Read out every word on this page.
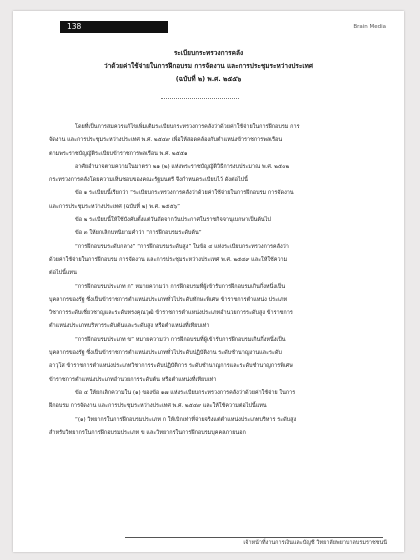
138	Brain Media
ระเบียบกระทรวงการคลัง
ว่าด้วยค่าใช้จ่ายในการฝึกอบรม การจัดงาน และการประชุมระหว่างประเทศ
(ฉบับที่ ๒) พ.ศ. ๒๕๕๖
โดยที่เป็นการสมควรแก้ไขเพิ่มเติมระเบียบกระทรวงการคลังว่าด้วยค่าใช้จ่ายในการฝึกอบรม การ
จัดงาน และการประชุมระหว่างประเทศ พ.ศ. ๒๕๔๙ เพื่อให้สอดคล้องกับตำแหน่งข้าราชการพลเรือน
ตามพระราชบัญญัติระเบียบข้าราชการพลเรือน พ.ศ. ๒๕๕๑
อาศัยอำนาจตามความในมาตรา ๒๑ (๒) แห่งพระราชบัญญัติวิธีการงบประมาณ พ.ศ. ๒๕๐๒
กระทรวงการคลังโดยความเห็นชอบของคณะรัฐมนตรี จึงกำหนดระเบียบไว้ ดังต่อไปนี้
ข้อ ๑ ระเบียบนี้เรียกว่า “ระเบียบกระทรวงการคลังว่าด้วยค่าใช้จ่ายในการฝึกอบรม การจัดงาน
และการประชุมระหว่างประเทศ (ฉบับที่ ๒) พ.ศ. ๒๕๕๖”
ข้อ ๒ ระเบียบนี้ให้ใช้บังคับตั้งแต่วันถัดจากวันประกาศในราชกิจจานุเบกษาเป็นต้นไป
ข้อ ๓ ให้ยกเลิกบทนิยามคำว่า “การฝึกอบรมระดับต้น”
“การฝึกอบรมระดับกลาง” “การฝึกอบรมระดับสูง” ในข้อ ๔ แห่งระเบียบกระทรวงการคลังว่า
ด้วยค่าใช้จ่ายในการฝึกอบรม การจัดงาน และการประชุมระหว่างประเทศ พ.ศ. ๒๕๔๙ และให้ใช้ความ
ต่อไปนี้แทน
“การฝึกอบรมประเภท ก” หมายความว่า การฝึกอบรมที่ผู้เข้ารับการฝึกอบรมเกินกึ่งหนึ่งเป็น
บุคลากรของรัฐ ซึ่งเป็นข้าราชการตำแหน่งประเภททั่วไประดับทักษะพิเศษ ข้าราชการตำแหน่ง ประเภท
วิชาการระดับเชี่ยวชาญและระดับทรงคุณวุฒิ ข้าราชการตำแหน่งประเภทอำนวยการระดับสูง ข้าราชการ
ตำแหน่งประเภทบริหารระดับต้นและระดับสูง หรือตำแหน่งที่เทียบเท่า
“การฝึกอบรมประเภท ข” หมายความว่า การฝึกอบรมที่ผู้เข้ารับการฝึกอบรมเกินกึ่งหนึ่งเป็น
บุคลากรของรัฐ ซึ่งเป็นข้าราชการตำแหน่งประเภททั่วไประดับปฏิบัติงาน ระดับชำนาญงานและระดับ
อาวุโส ข้าราชการตำแหน่งประเภทวิชาการระดับปฏิบัติการ ระดับชำนาญการและระดับชำนาญการพิเศษ
ข้าราชการตำแหน่งประเภทอำนวยการระดับต้น หรือตำแหน่งที่เทียบเท่า
ข้อ ๔ ให้ยกเลิกความใน (๑) ของข้อ ๑๗ แห่งระเบียบกระทรวงการคลังว่าด้วยค่าใช้จ่าย ในการ
ฝึกอบรม การจัดงาน และการประชุมระหว่างประเทศ พ.ศ. ๒๕๔๙ และให้ใช้ความต่อไปนี้แทน
“(๑) วิทยากรในการฝึกอบรมประเภท ก ให้เบิกเท่าที่จ่ายจริงแต่ตำแหน่งประเภทบริหาร ระดับสูง
สำหรับวิทยากรในการฝึกอบรมประเภท ข และวิทยากรในการฝึกอบรมบุคคลภายนอก
เจ้าหน้าที่งานการเงินและบัญชี วิทยาลัยพยาบาลบรมราชชนนี
